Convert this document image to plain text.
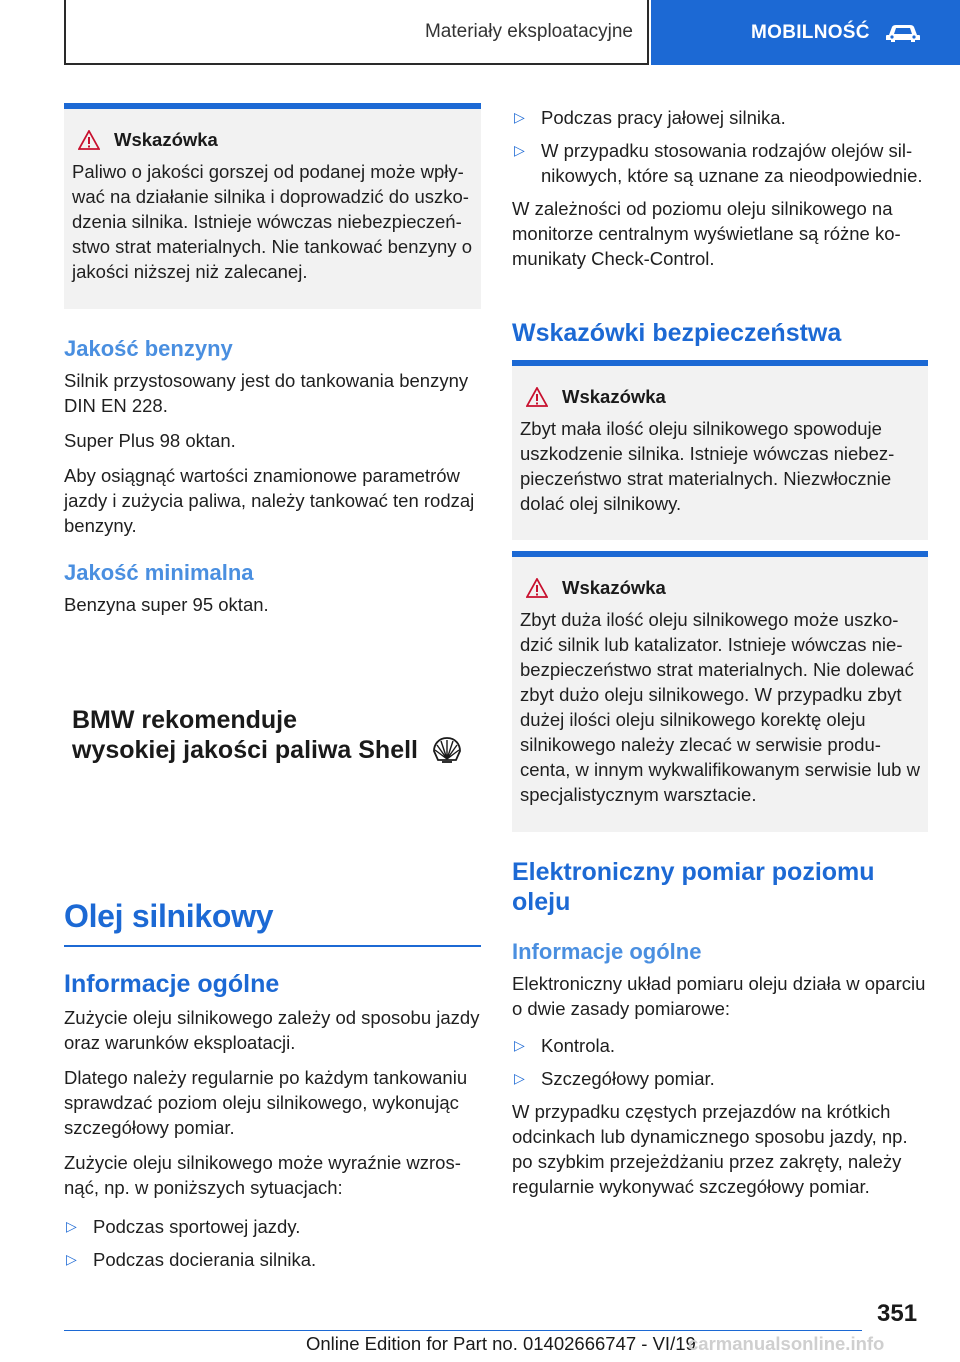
Materiały eksploatacyjne	MOBILNOŚĆ
Wskazówka
Paliwo o jakości gorszej od podanej może wpływać na działanie silnika i doprowadzić do uszkodzenia silnika. Istnieje wówczas niebezpieczeństwo strat materialnych. Nie tankować benzyny o jakości niższej niż zalecanej.
Jakość benzyny

Silnik przystosowany jest do tankowania benzyny DIN EN 228.

Super Plus 98 oktan.

Aby osiągnąć wartości znamionowe parametrów jazdy i zużycia paliwa, należy tankować ten rodzaj benzyny.

Jakość minimalna

Benzyna super 95 oktan.

BMW rekomenduje
wysokiej jakości paliwa Shell
Olej silnikowy
Informacje ogólne

Zużycie oleju silnikowego zależy od sposobu jazdy oraz warunków eksploatacji.

Dlatego należy regularnie po każdym tankowaniu sprawdzać poziom oleju silnikowego, wykonując szczegółowy pomiar.

Zużycie oleju silnikowego może wyraźnie wzrosnąć, np. w poniższych sytuacjach:

▷ Podczas sportowej jazdy.
▷ Podczas docierania silnika.
▷ Podczas pracy jałowej silnika.
▷ W przypadku stosowania rodzajów olejów silnikowych, które są uznane za nieodpowiednie.

W zależności od poziomu oleju silnikowego na monitorze centralnym wyświetlane są różne komunikaty Check-Control.

Wskazówki bezpieczeństwa
Wskazówka
Zbyt mała ilość oleju silnikowego spowoduje uszkodzenie silnika. Istnieje wówczas niebezpieczeństwo strat materialnych. Niezwłocznie dolać olej silnikowy.
Wskazówka
Zbyt duża ilość oleju silnikowego może uszkodzić silnik lub katalizator. Istnieje wówczas niebezpieczeństwo strat materialnych. Nie dolewać zbyt dużo oleju silnikowego. W przypadku zbyt dużej ilości oleju silnikowego korektę oleju silnikowego należy zlecać w serwisie producenta, w innym wykwalifikowanym serwisie lub w specjalistycznym warsztacie.
Elektroniczny pomiar poziomu oleju
Informacje ogólne

Elektroniczny układ pomiaru oleju działa w oparciu o dwie zasady pomiarowe:

▷ Kontrola.
▷ Szczegółowy pomiar.

W przypadku częstych przejazdów na krótkich odcinkach lub dynamicznego sposobu jazdy, np. po szybkim przejeżdżaniu przez zakręty, należy regularnie wykonywać szczegółowy pomiar.

351
Online Edition for Part no. 01402666747 - VI/19
carmanualsonline.info
